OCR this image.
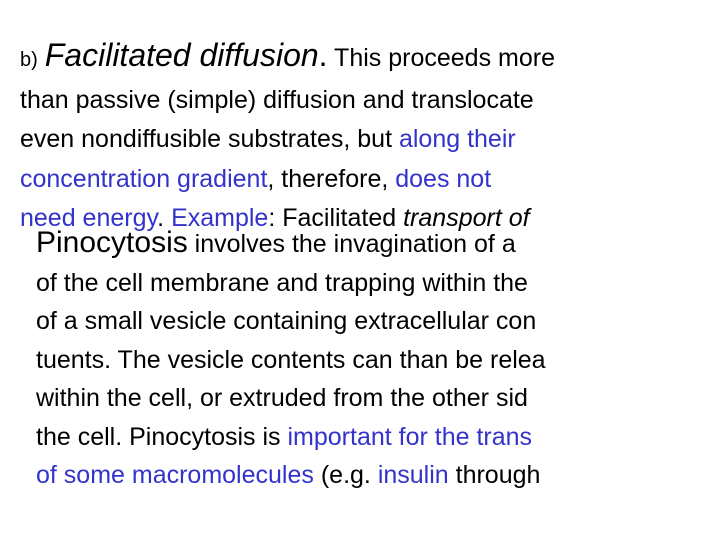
b) Facilitated diffusion. This proceeds more
than passive (simple) diffusion and translocate
even nondiffusible substrates, but along their
concentration gradient, therefore, does not
need energy. Example: Facilitated transport of
Pinocytosis involves the invagination of a
of the cell membrane and trapping within the
of a small vesicle containing extracellular con
tuents. The vesicle contents can than be relea
within the cell, or extruded from the other sid
the cell. Pinocytosis is important for the trans
of some macromolecules (e.g. insulin through
